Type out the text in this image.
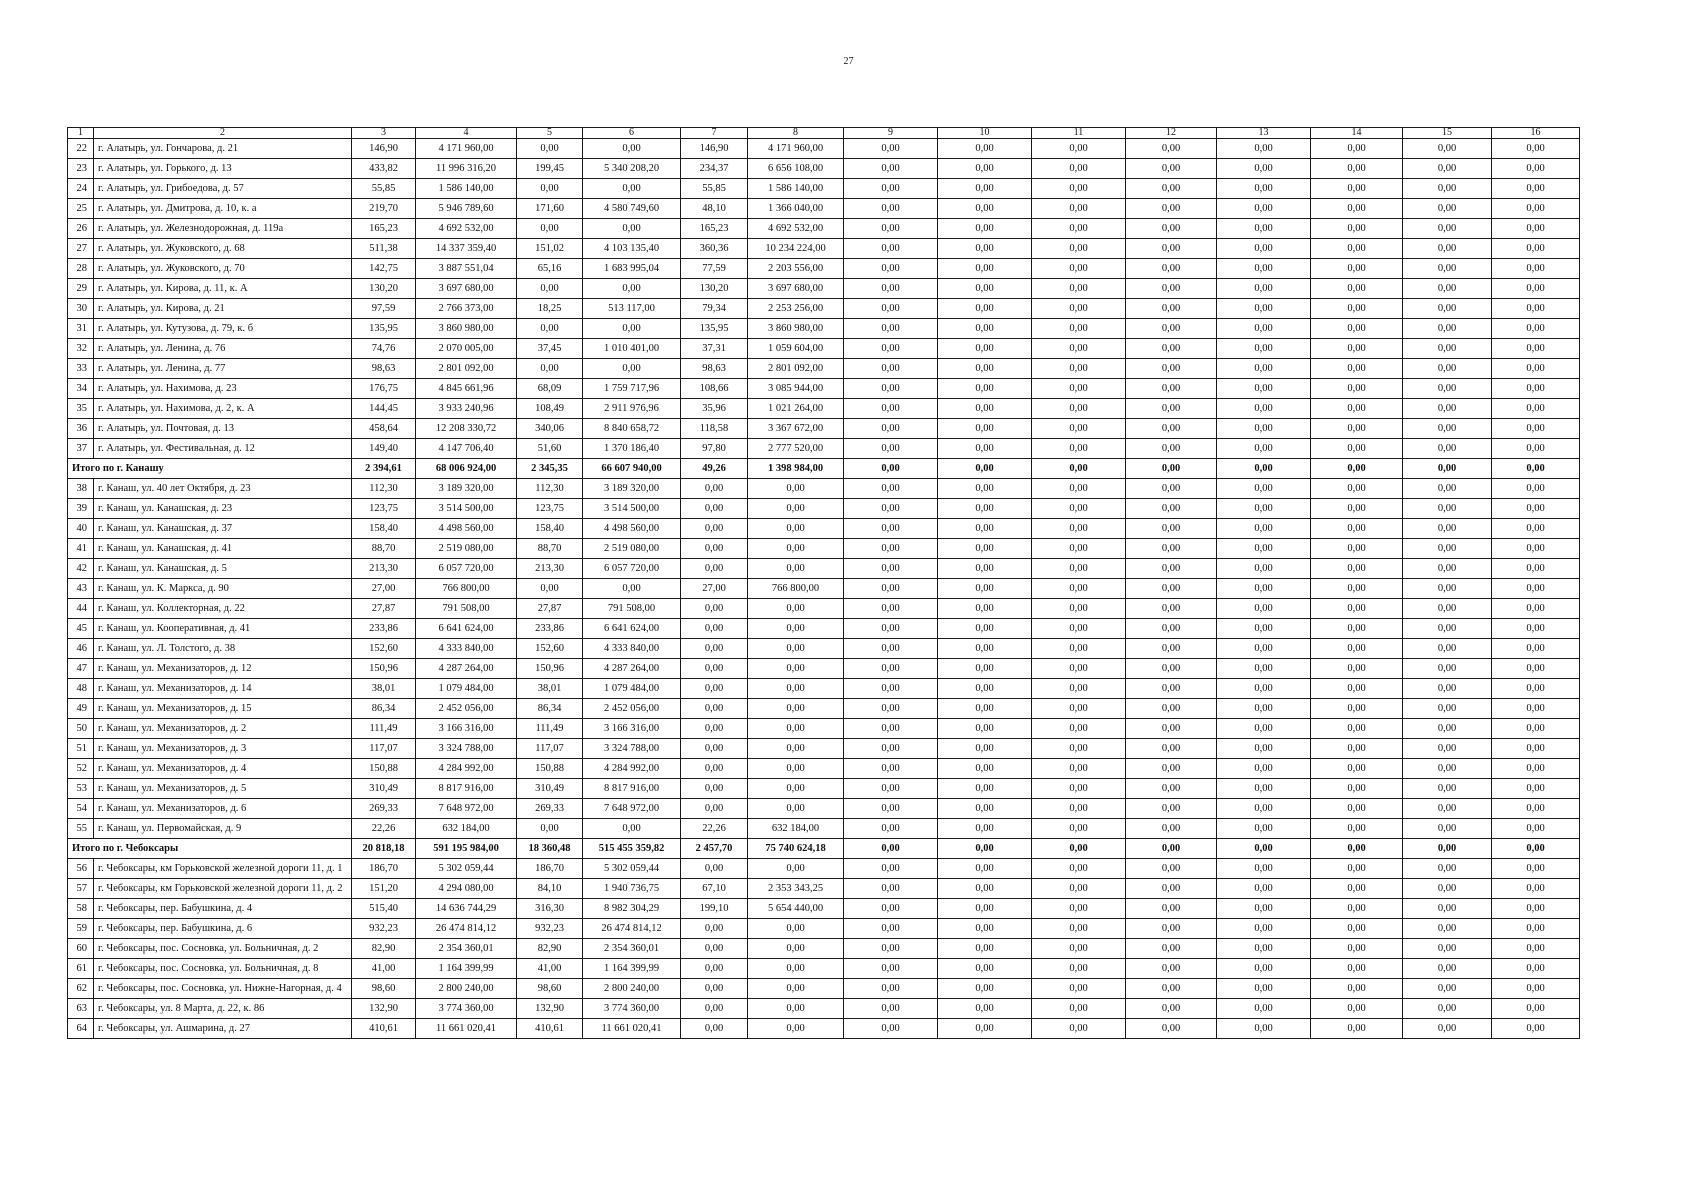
27
1	2	3	4	5	6	7	8	9	10	11	12	13	14	15	16
22	г. Алатырь, ул. Гончарова, д. 21	146,90	4 171 960,00	0,00	0,00	146,90	4 171 960,00	0,00	0,00	0,00	0,00	0,00	0,00	0,00	0,00
23	г. Алатырь, ул. Горького, д. 13	433,82	11 996 316,20	199,45	5 340 208,20	234,37	6 656 108,00	0,00	0,00	0,00	0,00	0,00	0,00	0,00	0,00
24	г. Алатырь, ул. Грибоедова, д. 57	55,85	1 586 140,00	0,00	0,00	55,85	1 586 140,00	0,00	0,00	0,00	0,00	0,00	0,00	0,00	0,00
25	г. Алатырь, ул. Дмитрова, д. 10, к. а	219,70	5 946 789,60	171,60	4 580 749,60	48,10	1 366 040,00	0,00	0,00	0,00	0,00	0,00	0,00	0,00	0,00
26	г. Алатырь, ул. Железнодорожная, д. 119а	165,23	4 692 532,00	0,00	0,00	165,23	4 692 532,00	0,00	0,00	0,00	0,00	0,00	0,00	0,00	0,00
27	г. Алатырь, ул. Жуковского, д. 68	511,38	14 337 359,40	151,02	4 103 135,40	360,36	10 234 224,00	0,00	0,00	0,00	0,00	0,00	0,00	0,00	0,00
28	г. Алатырь, ул. Жуковского, д. 70	142,75	3 887 551,04	65,16	1 683 995,04	77,59	2 203 556,00	0,00	0,00	0,00	0,00	0,00	0,00	0,00	0,00
29	г. Алатырь, ул. Кирова, д. 11, к. А	130,20	3 697 680,00	0,00	0,00	130,20	3 697 680,00	0,00	0,00	0,00	0,00	0,00	0,00	0,00	0,00
30	г. Алатырь, ул. Кирова, д. 21	97,59	2 766 373,00	18,25	513 117,00	79,34	2 253 256,00	0,00	0,00	0,00	0,00	0,00	0,00	0,00	0,00
31	г. Алатырь, ул. Кутузова, д. 79, к. б	135,95	3 860 980,00	0,00	0,00	135,95	3 860 980,00	0,00	0,00	0,00	0,00	0,00	0,00	0,00	0,00
32	г. Алатырь, ул. Ленина, д. 76	74,76	2 070 005,00	37,45	1 010 401,00	37,31	1 059 604,00	0,00	0,00	0,00	0,00	0,00	0,00	0,00	0,00
33	г. Алатырь, ул. Ленина, д. 77	98,63	2 801 092,00	0,00	0,00	98,63	2 801 092,00	0,00	0,00	0,00	0,00	0,00	0,00	0,00	0,00
34	г. Алатырь, ул. Нахимова, д. 23	176,75	4 845 661,96	68,09	1 759 717,96	108,66	3 085 944,00	0,00	0,00	0,00	0,00	0,00	0,00	0,00	0,00
35	г. Алатырь, ул. Нахимова, д. 2, к. А	144,45	3 933 240,96	108,49	2 911 976,96	35,96	1 021 264,00	0,00	0,00	0,00	0,00	0,00	0,00	0,00	0,00
36	г. Алатырь, ул. Почтовая, д. 13	458,64	12 208 330,72	340,06	8 840 658,72	118,58	3 367 672,00	0,00	0,00	0,00	0,00	0,00	0,00	0,00	0,00
37	г. Алатырь, ул. Фестивальная, д. 12	149,40	4 147 706,40	51,60	1 370 186,40	97,80	2 777 520,00	0,00	0,00	0,00	0,00	0,00	0,00	0,00	0,00
Итого по г. Канашу		2 394,61	68 006 924,00	2 345,35	66 607 940,00	49,26	1 398 984,00	0,00	0,00	0,00	0,00	0,00	0,00	0,00	0,00
38	г. Канаш, ул. 40 лет Октября, д. 23	112,30	3 189 320,00	112,30	3 189 320,00	0,00	0,00	0,00	0,00	0,00	0,00	0,00	0,00	0,00	0,00
39	г. Канаш, ул. Канашская, д. 23	123,75	3 514 500,00	123,75	3 514 500,00	0,00	0,00	0,00	0,00	0,00	0,00	0,00	0,00	0,00	0,00
40	г. Канаш, ул. Канашская, д. 37	158,40	4 498 560,00	158,40	4 498 560,00	0,00	0,00	0,00	0,00	0,00	0,00	0,00	0,00	0,00	0,00
41	г. Канаш, ул. Канашская, д. 41	88,70	2 519 080,00	88,70	2 519 080,00	0,00	0,00	0,00	0,00	0,00	0,00	0,00	0,00	0,00	0,00
42	г. Канаш, ул. Канашская, д. 5	213,30	6 057 720,00	213,30	6 057 720,00	0,00	0,00	0,00	0,00	0,00	0,00	0,00	0,00	0,00	0,00
43	г. Канаш, ул. К. Маркса, д. 90	27,00	766 800,00	0,00	0,00	27,00	766 800,00	0,00	0,00	0,00	0,00	0,00	0,00	0,00	0,00
44	г. Канаш, ул. Коллекторная, д. 22	27,87	791 508,00	27,87	791 508,00	0,00	0,00	0,00	0,00	0,00	0,00	0,00	0,00	0,00	0,00
45	г. Канаш, ул. Кооперативная, д. 41	233,86	6 641 624,00	233,86	6 641 624,00	0,00	0,00	0,00	0,00	0,00	0,00	0,00	0,00	0,00	0,00
46	г. Канаш, ул. Л. Толстого, д. 38	152,60	4 333 840,00	152,60	4 333 840,00	0,00	0,00	0,00	0,00	0,00	0,00	0,00	0,00	0,00	0,00
47	г. Канаш, ул. Механизаторов, д. 12	150,96	4 287 264,00	150,96	4 287 264,00	0,00	0,00	0,00	0,00	0,00	0,00	0,00	0,00	0,00	0,00
48	г. Канаш, ул. Механизаторов, д. 14	38,01	1 079 484,00	38,01	1 079 484,00	0,00	0,00	0,00	0,00	0,00	0,00	0,00	0,00	0,00	0,00
49	г. Канаш, ул. Механизаторов, д. 15	86,34	2 452 056,00	86,34	2 452 056,00	0,00	0,00	0,00	0,00	0,00	0,00	0,00	0,00	0,00	0,00
50	г. Канаш, ул. Механизаторов, д. 2	111,49	3 166 316,00	111,49	3 166 316,00	0,00	0,00	0,00	0,00	0,00	0,00	0,00	0,00	0,00	0,00
51	г. Канаш, ул. Механизаторов, д. 3	117,07	3 324 788,00	117,07	3 324 788,00	0,00	0,00	0,00	0,00	0,00	0,00	0,00	0,00	0,00	0,00
52	г. Канаш, ул. Механизаторов, д. 4	150,88	4 284 992,00	150,88	4 284 992,00	0,00	0,00	0,00	0,00	0,00	0,00	0,00	0,00	0,00	0,00
53	г. Канаш, ул. Механизаторов, д. 5	310,49	8 817 916,00	310,49	8 817 916,00	0,00	0,00	0,00	0,00	0,00	0,00	0,00	0,00	0,00	0,00
54	г. Канаш, ул. Механизаторов, д. 6	269,33	7 648 972,00	269,33	7 648 972,00	0,00	0,00	0,00	0,00	0,00	0,00	0,00	0,00	0,00	0,00
55	г. Канаш, ул. Первомайская, д. 9	22,26	632 184,00	0,00	0,00	22,26	632 184,00	0,00	0,00	0,00	0,00	0,00	0,00	0,00	0,00
Итого по г. Чебоксары		20 818,18	591 195 984,00	18 360,48	515 455 359,82	2 457,70	75 740 624,18	0,00	0,00	0,00	0,00	0,00	0,00	0,00	0,00
56	г. Чебоксары, км Горьковской железной дороги 11, д. 1	186,70	5 302 059,44	186,70	5 302 059,44	0,00	0,00	0,00	0,00	0,00	0,00	0,00	0,00	0,00	0,00
57	г. Чебоксары, км Горьковской железной дороги 11, д. 2	151,20	4 294 080,00	84,10	1 940 736,75	67,10	2 353 343,25	0,00	0,00	0,00	0,00	0,00	0,00	0,00	0,00
58	г. Чебоксары, пер. Бабушкина, д. 4	515,40	14 636 744,29	316,30	8 982 304,29	199,10	5 654 440,00	0,00	0,00	0,00	0,00	0,00	0,00	0,00	0,00
59	г. Чебоксары, пер. Бабушкина, д. 6	932,23	26 474 814,12	932,23	26 474 814,12	0,00	0,00	0,00	0,00	0,00	0,00	0,00	0,00	0,00	0,00
60	г. Чебоксары, пос. Сосновка, ул. Больничная, д. 2	82,90	2 354 360,01	82,90	2 354 360,01	0,00	0,00	0,00	0,00	0,00	0,00	0,00	0,00	0,00	0,00
61	г. Чебоксары, пос. Сосновка, ул. Больничная, д. 8	41,00	1 164 399,99	41,00	1 164 399,99	0,00	0,00	0,00	0,00	0,00	0,00	0,00	0,00	0,00	0,00
62	г. Чебоксары, пос. Сосновка, ул. Нижне-Нагорная, д. 4	98,60	2 800 240,00	98,60	2 800 240,00	0,00	0,00	0,00	0,00	0,00	0,00	0,00	0,00	0,00	0,00
63	г. Чебоксары, ул. 8 Марта, д. 22, к. 86	132,90	3 774 360,00	132,90	3 774 360,00	0,00	0,00	0,00	0,00	0,00	0,00	0,00	0,00	0,00	0,00
64	г. Чебоксары, ул. Ашмарина, д. 27	410,61	11 661 020,41	410,61	11 661 020,41	0,00	0,00	0,00	0,00	0,00	0,00	0,00	0,00	0,00	0,00
